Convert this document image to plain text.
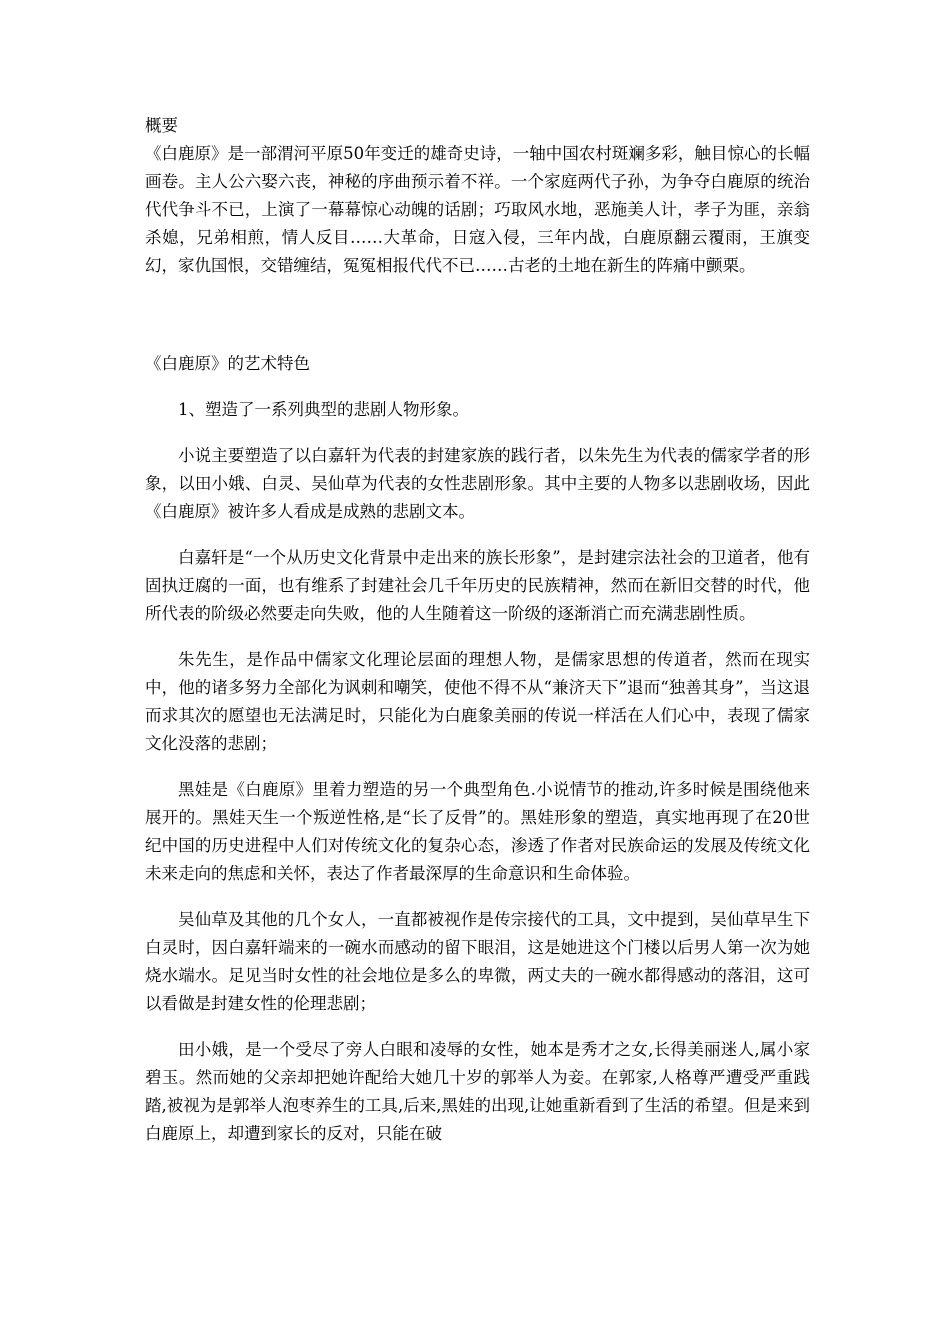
概要

《白鹿原》是一部渭河平原50年变迁的雄奇史诗，一轴中国农村斑斓多彩，触目惊心的长幅画卷。主人公六娶六丧，神秘的序曲预示着不祥。一个家庭两代子孙，为争夺白鹿原的统治代代争斗不已，上演了一幕幕惊心动魄的话剧；巧取风水地，恶施美人计，孝子为匪，亲翁杀媳，兄弟相煎，情人反目……大革命，日寇入侵，三年内战，白鹿原翻云覆雨，王旗变幻，家仇国恨，交错缠结，冤冤相报代代不已……古老的土地在新生的阵痛中颤栗。

《白鹿原》的艺术特色

1、塑造了一系列典型的悲剧人物形象。

小说主要塑造了以白嘉轩为代表的封建家族的践行者，以朱先生为代表的儒家学者的形象，以田小娥、白灵、吴仙草为代表的女性悲剧形象。其中主要的人物多以悲剧收场，因此《白鹿原》被许多人看成是成熟的悲剧文本。

白嘉轩是“一个从历史文化背景中走出来的族长形象”，是封建宗法社会的卫道者，他有固执迂腐的一面，也有维系了封建社会几千年历史的民族精神，然而在新旧交替的时代，他所代表的阶级必然要走向失败，他的人生随着这一阶级的逐渐消亡而充满悲剧性质。

朱先生，是作品中儒家文化理论层面的理想人物，是儒家思想的传道者，然而在现实中，他的诸多努力全部化为讽刺和嘲笑，使他不得不从“兼济天下”退而“独善其身”，当这退而求其次的愿望也无法满足时，只能化为白鹿象美丽的传说一样活在人们心中，表现了儒家文化没落的悲剧；

黑娃是《白鹿原》里着力塑造的另一个典型角色.小说情节的推动,许多时候是围绕他来展开的。黑娃天生一个叛逆性格,是“长了反骨”的。黑娃形象的塑造，真实地再现了在20世纪中国的历史进程中人们对传统文化的复杂心态，渗透了作者对民族命运的发展及传统文化未来走向的焦虑和关怀，表达了作者最深厚的生命意识和生命体验。

吴仙草及其他的几个女人，一直都被视作是传宗接代的工具，文中提到，吴仙草早生下白灵时，因白嘉轩端来的一碗水而感动的留下眼泪，这是她进这个门楼以后男人第一次为她烧水端水。足见当时女性的社会地位是多么的卑微，两丈夫的一碗水都得感动的落泪，这可以看做是封建女性的伦理悲剧；

田小娥，是一个受尽了旁人白眼和凌辱的女性，她本是秀才之女,长得美丽迷人,属小家碧玉。然而她的父亲却把她许配给大她几十岁的郭举人为妾。在郭家,人格尊严遭受严重践踏,被视为是郭举人泡枣养生的工具,后来,黑娃的出现,让她重新看到了生活的希望。但是来到白鹿原上，却遭到家长的反对，只能在破
